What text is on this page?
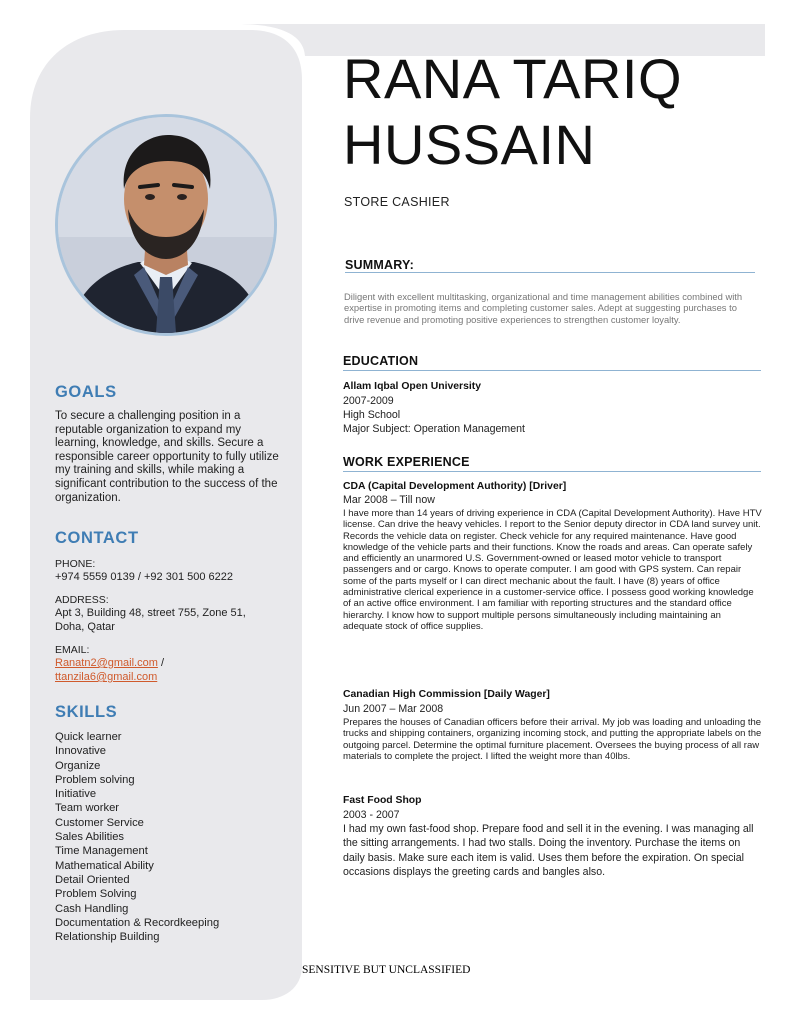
RANA TARIQ
HUSSAIN
STORE CASHIER
GOALS
To secure a challenging position in a reputable organization to expand my learning, knowledge, and skills. Secure a responsible career opportunity to fully utilize my training and skills, while making a significant contribution to the success of the organization.
CONTACT
PHONE:
+974 5559 0139 / +92 301 500 6222
ADDRESS:
Apt 3, Building 48, street 755, Zone 51,
Doha, Qatar
EMAIL:
Ranatn2@gmail.com /
ttanzila6@gmail.com
SKILLS
Quick learner
Innovative
Organize
Problem solving
Initiative
Team worker
Customer Service
Sales Abilities
Time Management
Mathematical Ability
Detail Oriented
Problem Solving
Cash Handling
Documentation & Recordkeeping
Relationship Building
SUMMARY:
Diligent with excellent multitasking, organizational and time management abilities combined with expertise in promoting items and completing customer sales. Adept at suggesting purchases to drive revenue and promoting positive experiences to strengthen customer loyalty.
EDUCATION
Allam Iqbal Open University
2007-2009
High School
Major Subject: Operation Management
WORK EXPERIENCE
CDA (Capital Development Authority) [Driver]
Mar 2008 – Till now
I have more than 14 years of driving experience in CDA (Capital Development Authority). Have HTV license. Can drive the heavy vehicles. I report to the Senior deputy director in CDA land survey unit. Records the vehicle data on register. Check vehicle for any required maintenance. Have good knowledge of the vehicle parts and their functions. Know the roads and areas. Can operate safely and efficiently an unarmored U.S. Government-owned or leased motor vehicle to transport passengers and or cargo. Knows to operate computer. I am good with GPS system. Can repair some of the parts myself or I can direct mechanic about the fault. I have (8) years of office administrative clerical experience in a customer-service office. I possess good working knowledge of an active office environment. I am familiar with reporting structures and the standard office hierarchy. I know how to support multiple persons simultaneously including maintaining an adequate stock of office supplies.
Canadian High Commission [Daily Wager]
Jun 2007 – Mar 2008
Prepares the houses of Canadian officers before their arrival. My job was loading and unloading the trucks and shipping containers, organizing incoming stock, and putting the appropriate labels on the outgoing parcel. Determine the optimal furniture placement. Oversees the buying process of all raw materials to complete the project. I lifted the weight more than 40lbs.
Fast Food Shop
2003 - 2007
I had my own fast-food shop. Prepare food and sell it in the evening. I was managing all the sitting arrangements. I had two stalls. Doing the inventory. Purchase the items on daily basis. Make sure each item is valid. Uses them before the expiration. On special occasions displays the greeting cards and bangles also.
SENSITIVE BUT UNCLASSIFIED
